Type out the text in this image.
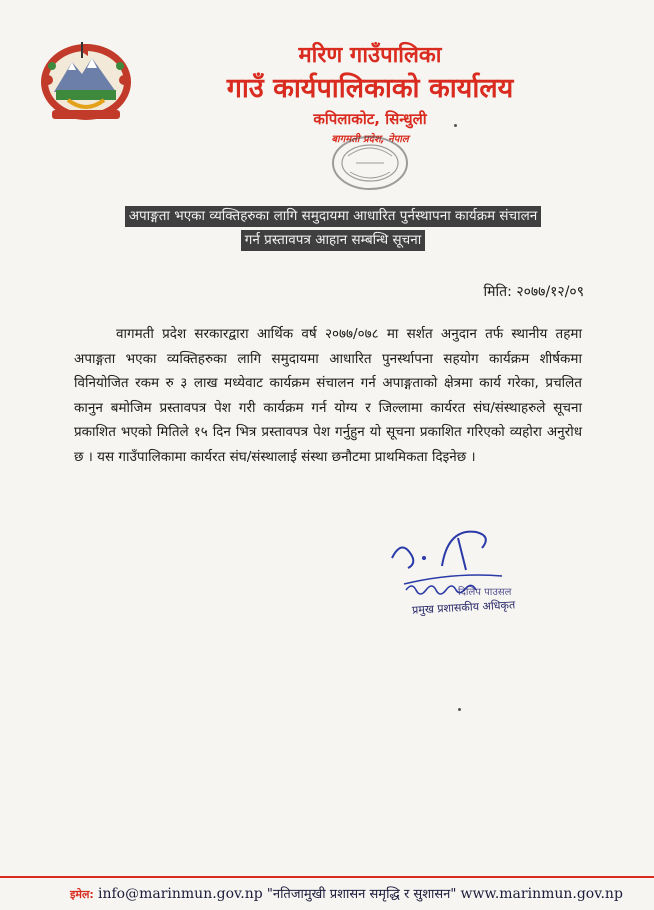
मरिण गाउँपालिका
गाउँ कार्यपालिकाको कार्यालय
कपिलाकोट, सिन्धुली
बागमती प्रदेश, नेपाल
अपाङ्गता भएका व्यक्तिहरुका लागि समुदायमा आधारित पुर्नस्थापना कार्यक्रम संचालन
गर्न प्रस्तावपत्र आहान सम्बन्धि सूचना
मिति: २०७७/१२/०९
वागमती प्रदेश सरकारद्वारा आर्थिक वर्ष २०७७/०७८ मा सर्शत अनुदान तर्फ स्थानीय तहमा अपाङ्गता भएका व्यक्तिहरुका लागि समुदायमा आधारित पुनर्स्थापना सहयोग कार्यक्रम शीर्षकमा विनियोजित रकम रु ३ लाख मध्येवाट कार्यक्रम संचालन गर्न अपाङ्गताको क्षेत्रमा कार्य गरेका, प्रचलित कानुन बमोजिम प्रस्तावपत्र पेश गरी कार्यक्रम गर्न योग्य र जिल्लामा कार्यरत संघ/संस्थाहरुले सूचना प्रकाशित भएको मितिले १५ दिन भित्र प्रस्तावपत्र पेश गर्नुहुन यो सूचना प्रकाशित गरिएको व्यहोरा अनुरोध छ । यस गाउँपालिकामा कार्यरत संघ/संस्थालाई संस्था छनौटमा प्राथमिकता दिइनेछ ।
दिलिप पाउसल
प्रमुख प्रशासकीय अधिकृत
इमेल: info@marinmun.gov.np "नतिजामुखी प्रशासन समृद्धि र सुशासन" www.marinmun.gov.np
